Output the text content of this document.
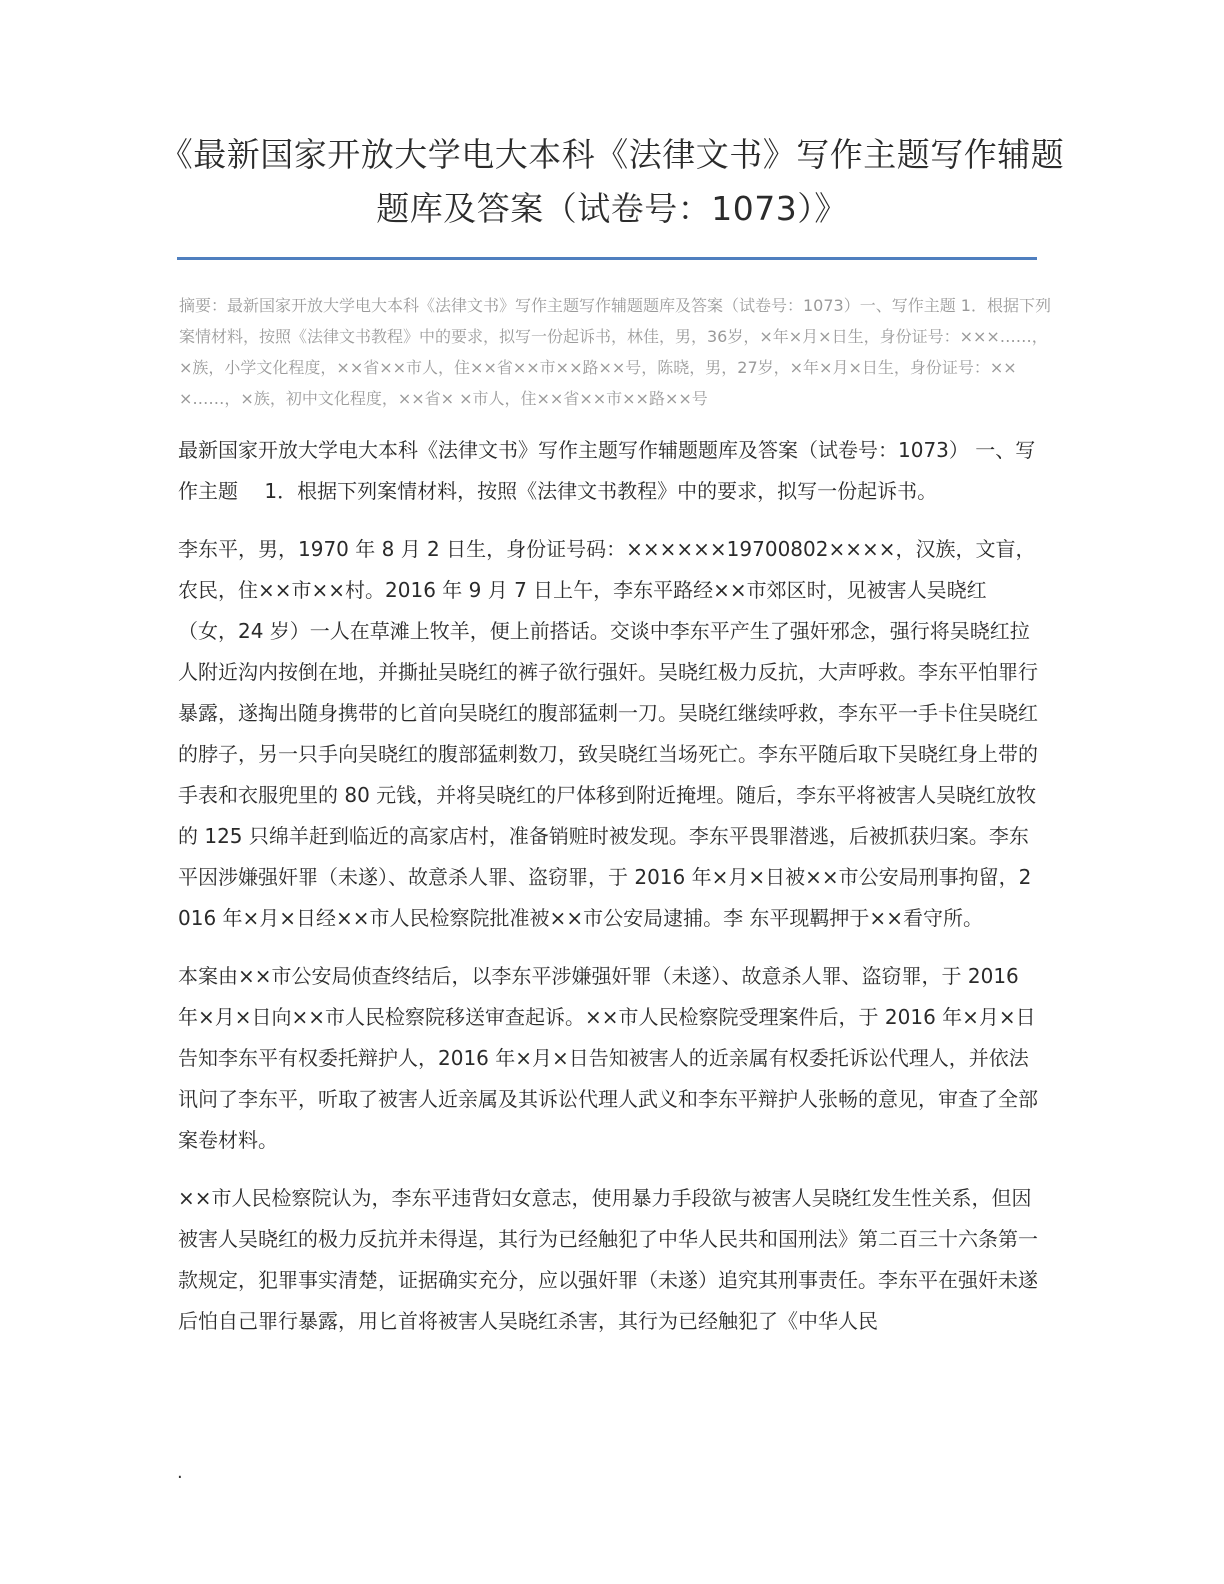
《最新国家开放大学电大本科《法律文书》写作主题写作辅题题库及答案（试卷号：1073）》
摘要：最新国家开放大学电大本科《法律文书》写作主题写作辅题题库及答案（试卷号：1073）一、写作主题 1．根据下列案情材料，按照《法律文书教程》中的要求，拟写一份起诉书，林佳，男，36岁，×年×月×日生，身份证号：×××……，×族，小学文化程度，××省××市人，住××省××市××路××号，陈晓，男，27岁，×年×月×日生，身份证号：×××……，×族，初中文化程度，××省× ×市人，住××省××市××路××号

最新国家开放大学电大本科《法律文书》写作主题写作辅题题库及答案（试卷号：1073） 一、写作主题　 1．根据下列案情材料，按照《法律文书教程》中的要求，拟写一份起诉书。

李东平，男，1970 年 8 月 2 日生，身份证号码：××××××19700802××××，汉族，文盲，农民，住××市××村。2016 年 9 月 7 日上午，李东平路经××市郊区时，见被害人吴晓红（女，24 岁）一人在草滩上牧羊，便上前搭话。交谈中李东平产生了强奸邪念，强行将吴晓红拉人附近沟内按倒在地，并撕扯吴晓红的裤子欲行强奸。吴晓红极力反抗，大声呼救。李东平怕罪行暴露，遂掏出随身携带的匕首向吴晓红的腹部猛刺一刀。吴晓红继续呼救，李东平一手卡住吴晓红的脖子，另一只手向吴晓红的腹部猛刺数刀，致吴晓红当场死亡。李东平随后取下吴晓红身上带的手表和衣服兜里的 80 元钱，并将吴晓红的尸体移到附近掩埋。随后，李东平将被害人吴晓红放牧的 125 只绵羊赶到临近的高家店村，准备销赃时被发现。李东平畏罪潜逃，后被抓获归案。李东平因涉嫌强奸罪（未遂）、故意杀人罪、盗窃罪，于 2016 年×月×日被××市公安局刑事拘留，2016 年×月×日经××市人民检察院批准被××市公安局逮捕。李 东平现羁押于××看守所。

本案由××市公安局侦查终结后，以李东平涉嫌强奸罪（未遂）、故意杀人罪、盗窃罪，于 2016 年×月×日向××市人民检察院移送审查起诉。××市人民检察院受理案件后，于 2016 年×月×日告知李东平有权委托辩护人，2016 年×月×日告知被害人的近亲属有权委托诉讼代理人，并依法讯问了李东平，听取了被害人近亲属及其诉讼代理人武义和李东平辩护人张畅的意见，审查了全部案卷材料。

××市人民检察院认为，李东平违背妇女意志，使用暴力手段欲与被害人吴晓红发生性关系，但因被害人吴晓红的极力反抗并未得逞，其行为已经触犯了中华人民共和国刑法》第二百三十六条第一款规定，犯罪事实清楚，证据确实充分，应以强奸罪（未遂）追究其刑事责任。李东平在强奸未遂后怕自己罪行暴露，用匕首将被害人吴晓红杀害，其行为已经触犯了《中华人民

.
